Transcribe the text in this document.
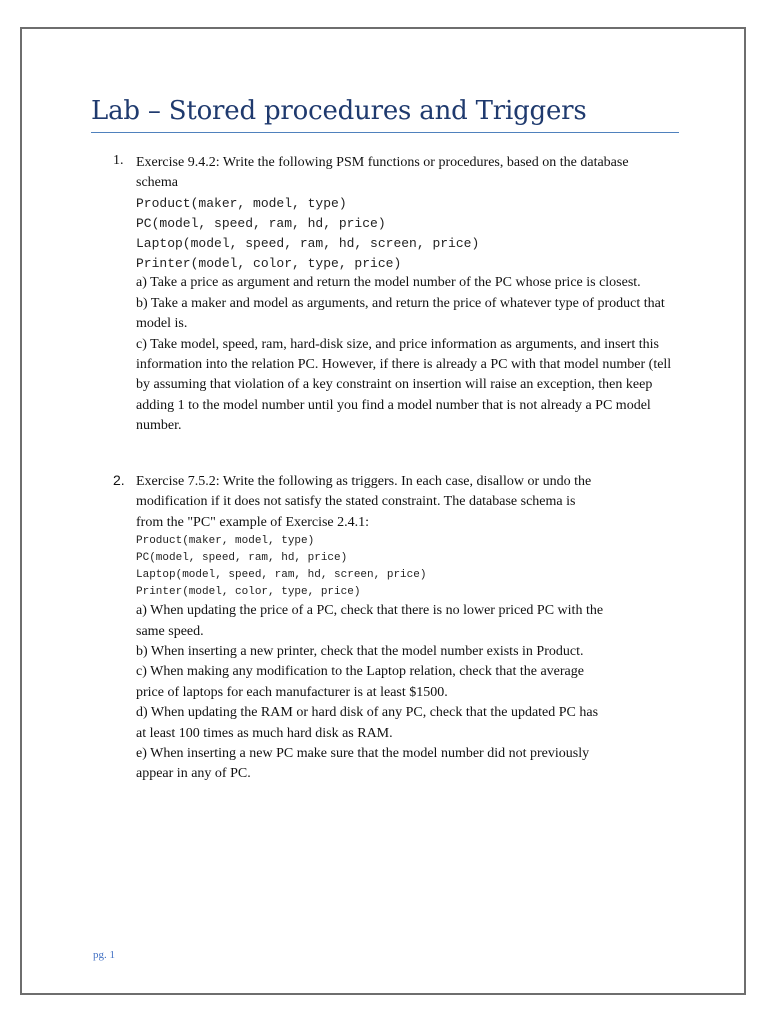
Lab – Stored procedures and Triggers
1. Exercise 9.4.2: Write the following PSM functions or procedures, based on the database schema

Product(maker, model, type)

PC(model, speed, ram, hd, price)

Laptop(model, speed, ram, hd, screen, price)

Printer(model, color, type, price)

a) Take a price as argument and return the model number of the PC whose price is closest.

b) Take a maker and model as arguments, and return the price of whatever type of product that model is.

c) Take model, speed, ram, hard-disk size, and price information as arguments, and insert this information into the relation PC. However, if there is already a PC with that model number (tell by assuming that violation of a key constraint on insertion will raise an exception, then keep adding 1 to the model number until you find a model number that is not already a PC model number.

2. Exercise 7.5.2: Write the following as triggers. In each case, disallow or undo the modification if it does not satisfy the stated constraint. The database schema is from the "PC" example of Exercise 2.4.1:

Product(maker, model, type)

PC(model, speed, ram, hd, price)

Laptop(model, speed, ram, hd, screen, price)

Printer(model, color, type, price)

a) When updating the price of a PC, check that there is no lower priced PC with the same speed.

b) When inserting a new printer, check that the model number exists in Product.

c) When making any modification to the Laptop relation, check that the average price of laptops for each manufacturer is at least $1500.

d) When updating the RAM or hard disk of any PC, check that the updated PC has at least 100 times as much hard disk as RAM.

e) When inserting a new PC make sure that the model number did not previously appear in any of PC.

pg. 1
